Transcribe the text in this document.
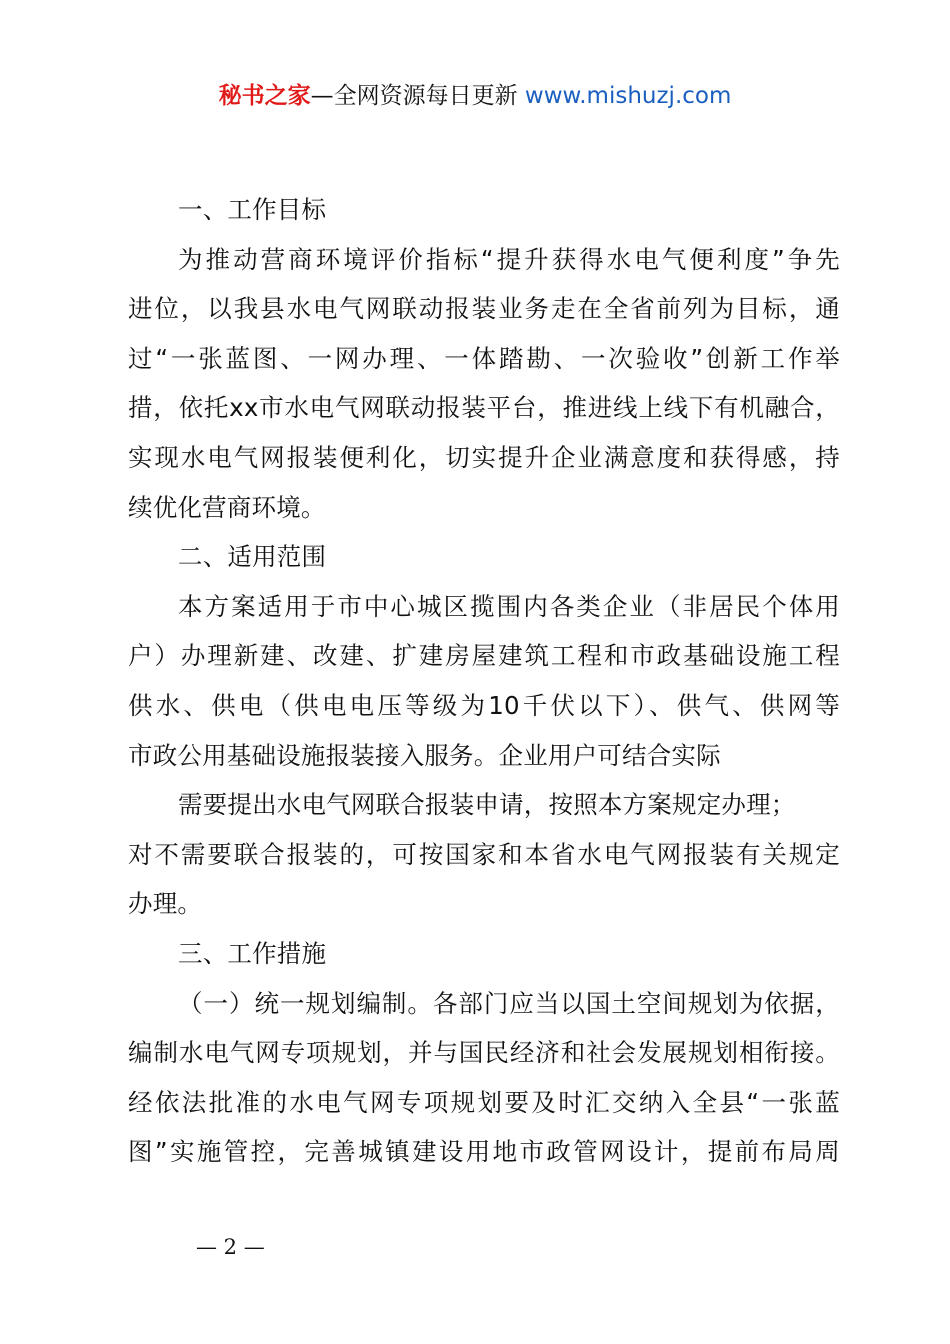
秘书之家—全网资源每日更新 www.mishuzj.com
一、工作目标
为推动营商环境评价指标“提升获得水电气便利度”争先
进位，以我县水电气网联动报装业务走在全省前列为目标，通
过“一张蓝图、一网办理、一体踏勘、一次验收”创新工作举
措，依托xx市水电气网联动报装平台，推进线上线下有机融合，
实现水电气网报装便利化，切实提升企业满意度和获得感，持
续优化营商环境。
二、适用范围
本方案适用于市中心城区揽围内各类企业（非居民个体用
户）办理新建、改建、扩建房屋建筑工程和市政基础设施工程
供水、供电（供电电压等级为10千伏以下）、供气、供网等
市政公用基础设施报装接入服务。企业用户可结合实际
需要提出水电气网联合报装申请，按照本方案规定办理；
对不需要联合报装的，可按国家和本省水电气网报装有关规定
办理。
三、工作措施
（一）统一规划编制。各部门应当以国土空间规划为依据，
编制水电气网专项规划，并与国民经济和社会发展规划相衔接。
经依法批准的水电气网专项规划要及时汇交纳入全县“一张蓝
图”实施管控，完善城镇建设用地市政管网设计，提前布局周
— 2 —
